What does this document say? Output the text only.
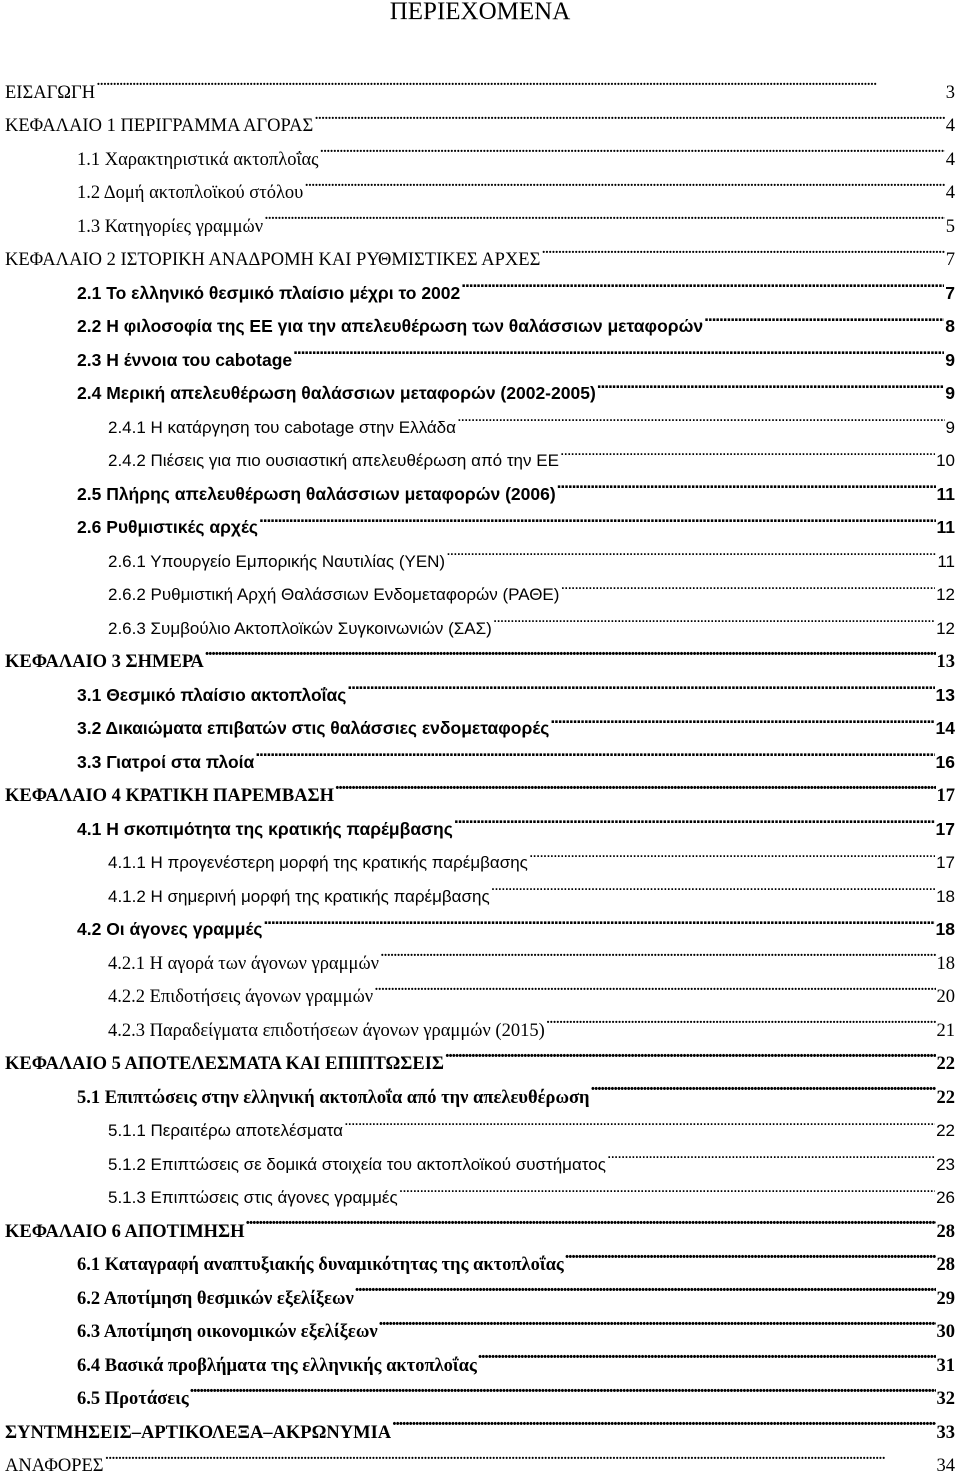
ΠΕΡΙΕΧΟΜΕΝΑ
ΕΙΣΑΓΩΓΗ . . .	3
ΚΕΦΑΛΑΙΟ 1 ΠΕΡΙΓΡΑΜΜΑ ΑΓΟΡΑΣ . . .	4
1.1 Χαρακτηριστικά ακτοπλοΐας . . .	4
1.2 Δομή ακτοπλοϊκού στόλου . . .	4
1.3 Κατηγορίες γραμμών . . .	5
ΚΕΦΑΛΑΙΟ 2 ΙΣΤΟΡΙΚΗ ΑΝΑΔΡΟΜΗ ΚΑΙ ΡΥΘΜΙΣΤΙΚΕΣ ΑΡΧΕΣ . . .	7
2.1 Το ελληνικό θεσμικό πλαίσιο μέχρι το 2002 . . .	7
2.2 Η φιλοσοφία της ΕΕ για την απελευθέρωση των θαλάσσιων μεταφορών . . .	8
2.3 Η έννοια του cabotage . . .	9
2.4 Μερική απελευθέρωση θαλάσσιων μεταφορών (2002-2005) . . .	9
2.4.1 Η κατάργηση του cabotage στην Ελλάδα . . .	9
2.4.2 Πιέσεις για πιο ουσιαστική απελευθέρωση από την ΕΕ . . .	10
2.5 Πλήρης απελευθέρωση θαλάσσιων μεταφορών (2006) . . .	11
2.6 Ρυθμιστικές αρχές . . .	11
2.6.1 Υπουργείο Εμπορικής Ναυτιλίας (ΥΕΝ) . . .	11
2.6.2 Ρυθμιστική Αρχή Θαλάσσιων Ενδομεταφορών (ΡΑΘΕ) . . .	12
2.6.3 Συμβούλιο Ακτοπλοϊκών Συγκοινωνιών (ΣΑΣ) . . .	12
ΚΕΦΑΛΑΙΟ 3 ΣΗΜΕΡΑ . . .	13
3.1 Θεσμικό πλαίσιο ακτοπλοΐας . . .	13
3.2 Δικαιώματα επιβατών στις θαλάσσιες ενδομεταφορές . . .	14
3.3 Γιατροί στα πλοία . . .	16
ΚΕΦΑΛΑΙΟ 4 ΚΡΑΤΙΚΗ ΠΑΡΕΜΒΑΣΗ . . .	17
4.1 Η σκοπιμότητα της κρατικής παρέμβασης . . .	17
4.1.1 Η προγενέστερη μορφή της κρατικής παρέμβασης . . .	17
4.1.2 Η σημερινή μορφή της κρατικής παρέμβασης . . .	18
4.2 Οι άγονες γραμμές . . .	18
4.2.1 Η αγορά των άγονων γραμμών . . .	18
4.2.2 Επιδοτήσεις άγονων γραμμών . . .	20
4.2.3 Παραδείγματα επιδοτήσεων άγονων γραμμών (2015) . . .	21
ΚΕΦΑΛΑΙΟ 5 ΑΠΟΤΕΛΕΣΜΑΤΑ ΚΑΙ ΕΠΙΠΤΩΣΕΙΣ . . .	22
5.1 Επιπτώσεις στην ελληνική ακτοπλοΐα από την απελευθέρωση . . .	22
5.1.1 Περαιτέρω αποτελέσματα . . .	22
5.1.2 Επιπτώσεις σε δομικά στοιχεία του ακτοπλοϊκού συστήματος . . .	23
5.1.3 Επιπτώσεις στις άγονες γραμμές . . .	26
ΚΕΦΑΛΑΙΟ 6 ΑΠΟΤΙΜΗΣΗ . . .	28
6.1 Καταγραφή αναπτυξιακής δυναμικότητας της ακτοπλοΐας . . .	28
6.2 Αποτίμηση θεσμικών εξελίξεων . . .	29
6.3 Αποτίμηση οικονομικών εξελίξεων . . .	30
6.4 Βασικά προβλήματα της ελληνικής ακτοπλοΐας . . .	31
6.5 Προτάσεις . . .	32
ΣΥΝΤΜΗΣΕΙΣ–ΑΡΤΙΚΟΛΕΞΑ–ΑΚΡΩΝΥΜΙΑ . . .	33
ΑΝΑΦΟΡΕΣ . . .	34
